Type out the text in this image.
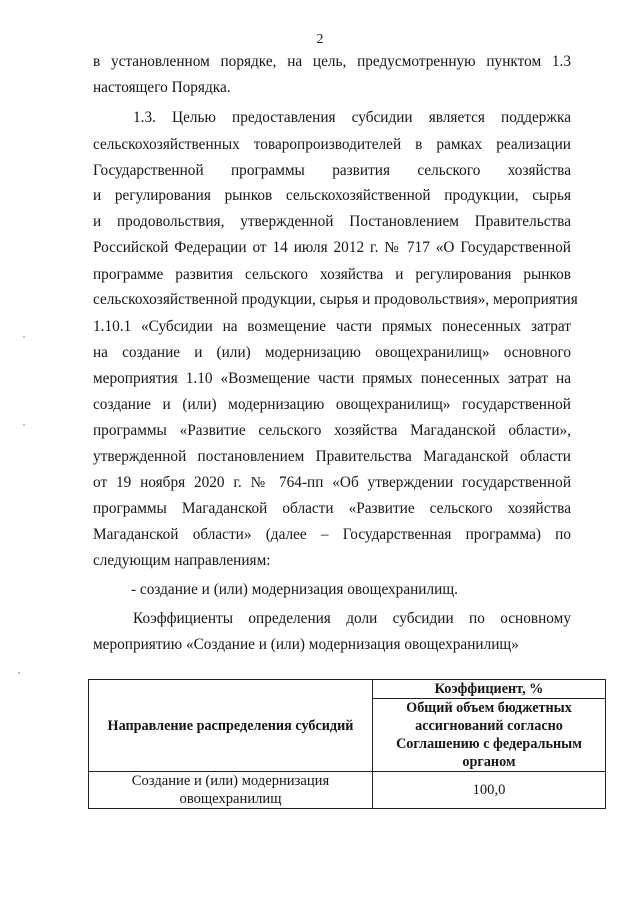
2
в установленном порядке, на цель, предусмотренную пунктом 1.3
настоящего Порядка.
1.3. Целью предоставления субсидии является поддержка
сельскохозяйственных товаропроизводителей в рамках реализации
Государственной программы развития сельского хозяйства
и регулирования рынков сельскохозяйственной продукции, сырья
и продовольствия, утвержденной Постановлением Правительства
Российской Федерации от 14 июля 2012 г. № 717 «О Государственной
программе развития сельского хозяйства и регулирования рынков
сельскохозяйственной продукции, сырья и продовольствия», мероприятия
1.10.1 «Субсидии на возмещение части прямых понесенных затрат
на создание и (или) модернизацию овощехранилищ» основного
мероприятия 1.10 «Возмещение части прямых понесенных затрат на
создание и (или) модернизацию овощехранилищ» государственной
программы «Развитие сельского хозяйства Магаданской области»,
утвержденной постановлением Правительства Магаданской области
от 19 ноября 2020 г. № 764-пп «Об утверждении государственной
программы Магаданской области «Развитие сельского хозяйства
Магаданской области» (далее – Государственная программа) по
следующим направлениям:
- создание и (или) модернизация овощехранилищ.
Коэффициенты определения доли субсидии по основному
мероприятию «Создание и (или) модернизация овощехранилищ»
Направление распределения субсидий	Коэффициент, %
	Общий объем бюджетных ассигнований согласно Соглашению с федеральным органом
Создание и (или) модернизация овощехранилищ	100,0
